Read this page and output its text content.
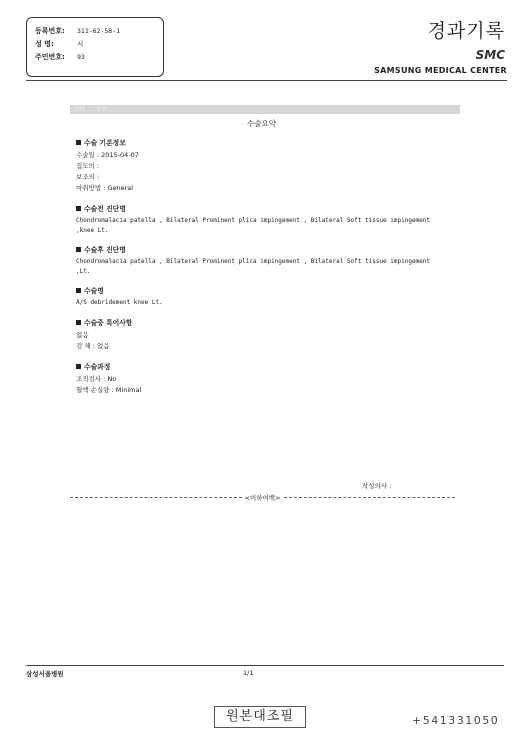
등록번호:	311-62-58-1
성 명:	서
주민번호:	93
경과기록
SMC
SAMSUNG MEDICAL CENTER
201 ... 임상 ...
수술요약
수술 기본정보
수술일 : 2015-04-07
집도의 :
보조의 :
마취방법 : General
수술전 진단명
Chondromalacia patella , Bilateral Prominent plica impingement , Bilateral Soft tissue impingement ,knee Lt.
수술후 진단명
Chondromalacia patella , Bilateral Prominent plica impingement , Bilateral Soft tissue impingement ,Lt.
수술명
A/S debridement knee Lt.
수술중 특이사항
없음
검 체 : 없음
수술과정
조직검사 : No
혈액 손실량 : Minimal
작성의사 :
<이하여백>
삼성서울병원	1/1	· · · ·
원본대조필	+541331050
